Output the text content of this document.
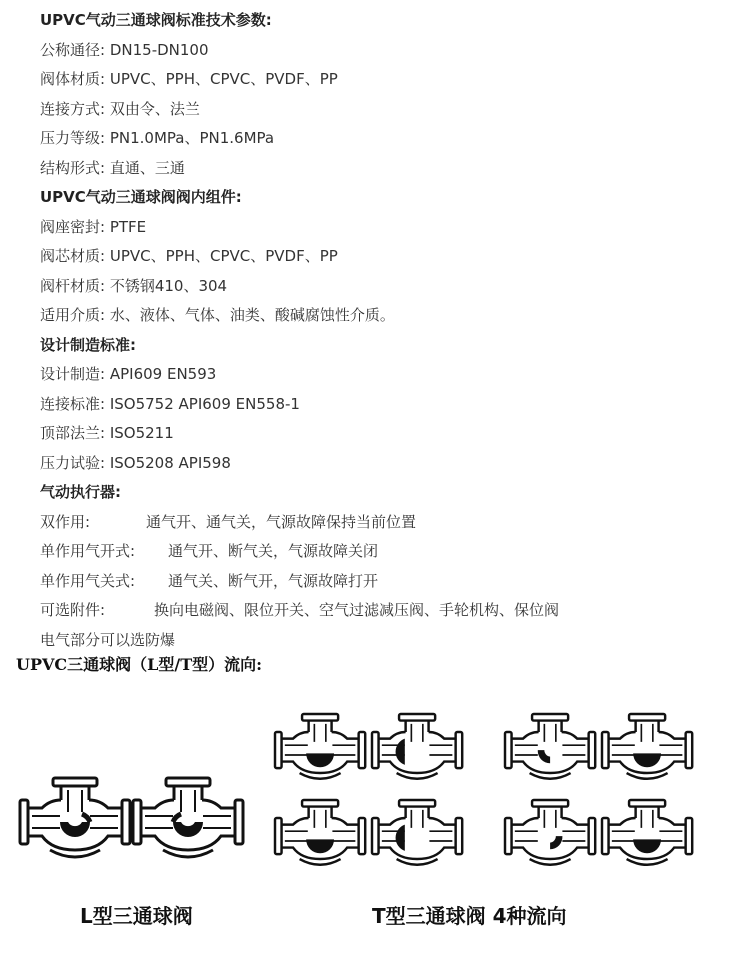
UPVC气动三通球阀标准技术参数:
公称通径: DN15-DN100
阀体材质: UPVC、PPH、CPVC、PVDF、PP
连接方式: 双由令、法兰
压力等级: PN1.0MPa、PN1.6MPa
结构形式: 直通、三通
UPVC气动三通球阀阀内组件:
阀座密封: PTFE
阀芯材质: UPVC、PPH、CPVC、PVDF、PP
阀杆材质: 不锈钢410、304
适用介质: 水、液体、气体、油类、酸碱腐蚀性介质。
设计制造标准:
设计制造: API609 EN593
连接标准: ISO5752 API609 EN558-1
顶部法兰: ISO5211
压力试验: ISO5208 API598
气动执行器:
双作用:	通气开、通气关，气源故障保持当前位置
单作用气开式: 通气开、断气关，气源故障关闭
单作用气关式: 通气关、断气开，气源故障打开
可选附件:	换向电磁阀、限位开关、空气过滤减压阀、手轮机构、保位阀
电气部分可以选防爆
UPVC三通球阀（L型/T型）流向:
L型三通球阀	T型三通球阀 4种流向
